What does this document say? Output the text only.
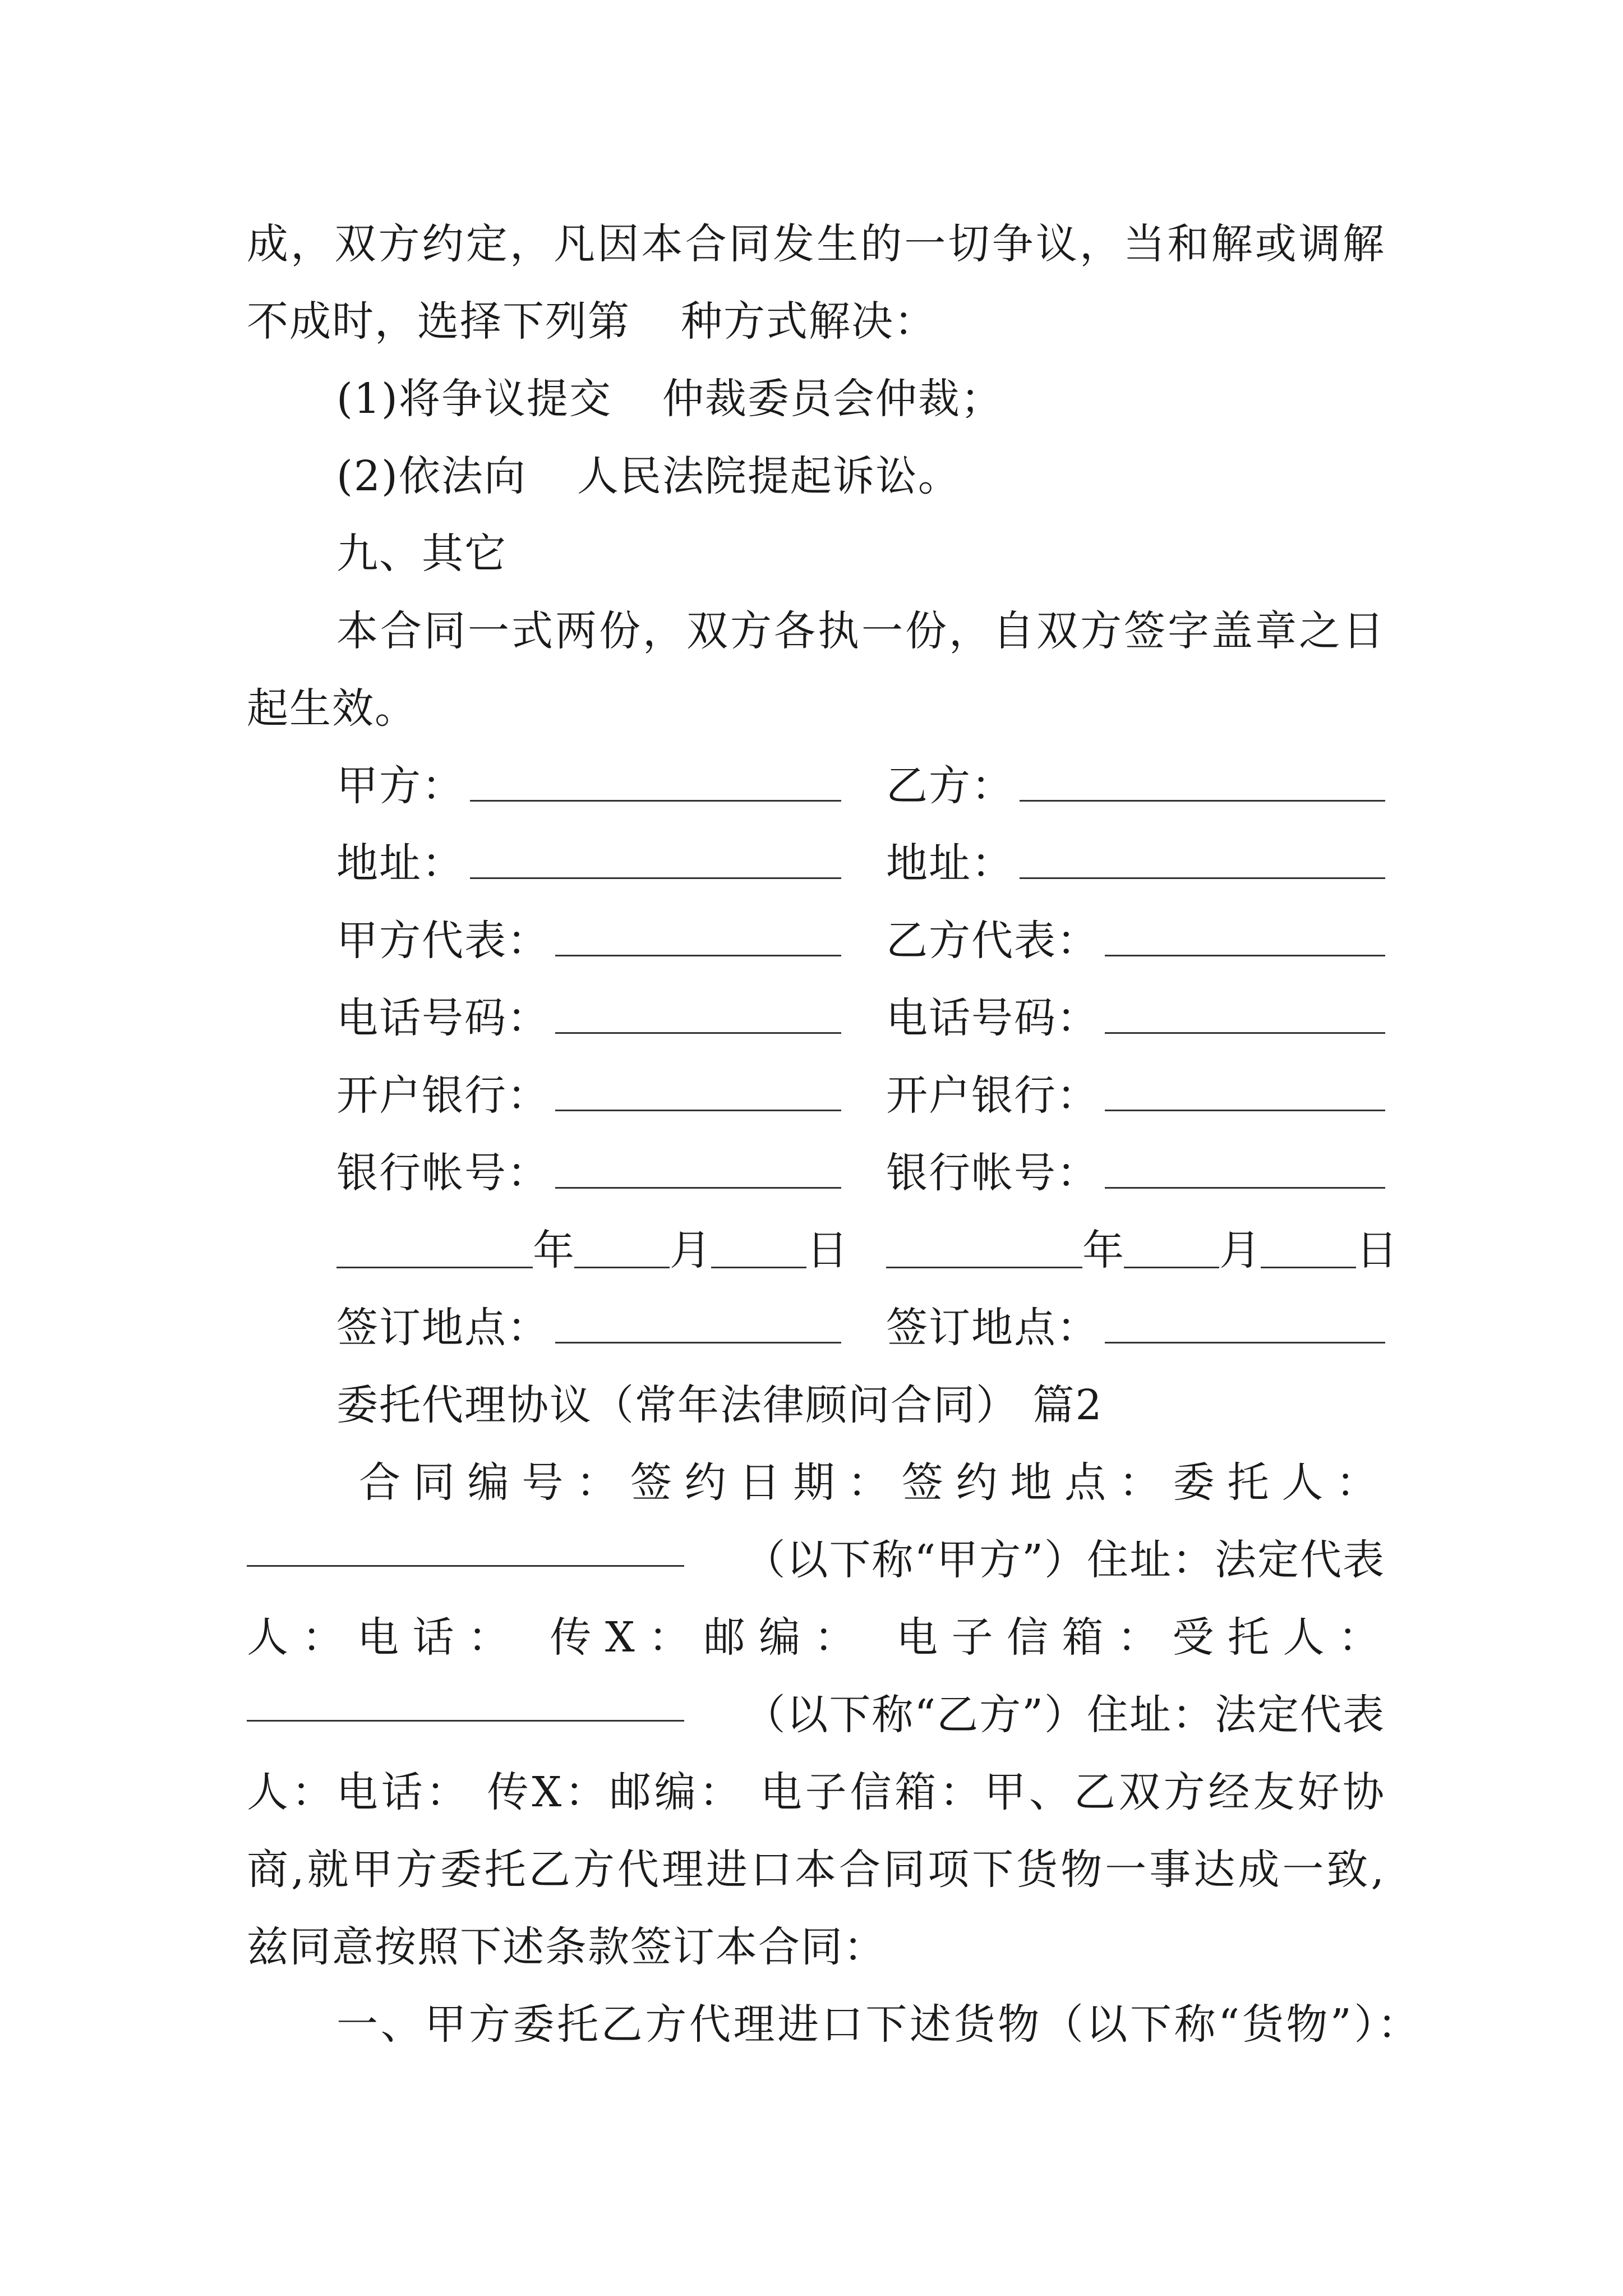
成，双方约定，凡因本合同发生的一切争议，当和解或调解
不成时，选择下列第 种方式解决：
(1)将争议提交 仲裁委员会仲裁；
(2)依法向 人民法院提起诉讼。
九、其它
本合同一式两份，双方各执一份，自双方签字盖章之日
起生效。
甲方：	乙方：
地址：	地址：
甲方代表：	乙方代表：
电话号码：	电话号码：
开户银行：	开户银行：
银行帐号：	银行帐号：
年 月 日	年 月 日
签订地点：	签订地点：
委托代理协议（常年法律顾问合同） 篇2
合同编号：签约日期：签约地点：委托人：
（以下称“甲方”）住址：法定代表
人：电话： 传X：邮编： 电子信箱：受托人：
（以下称“乙方”）住址：法定代表
人：电话： 传X：邮编： 电子信箱：甲、乙双方经友好协
商,就甲方委托乙方代理进口本合同项下货物一事达成一致,
兹同意按照下述条款签订本合同：
一、甲方委托乙方代理进口下述货物（以下称“货物”）：
